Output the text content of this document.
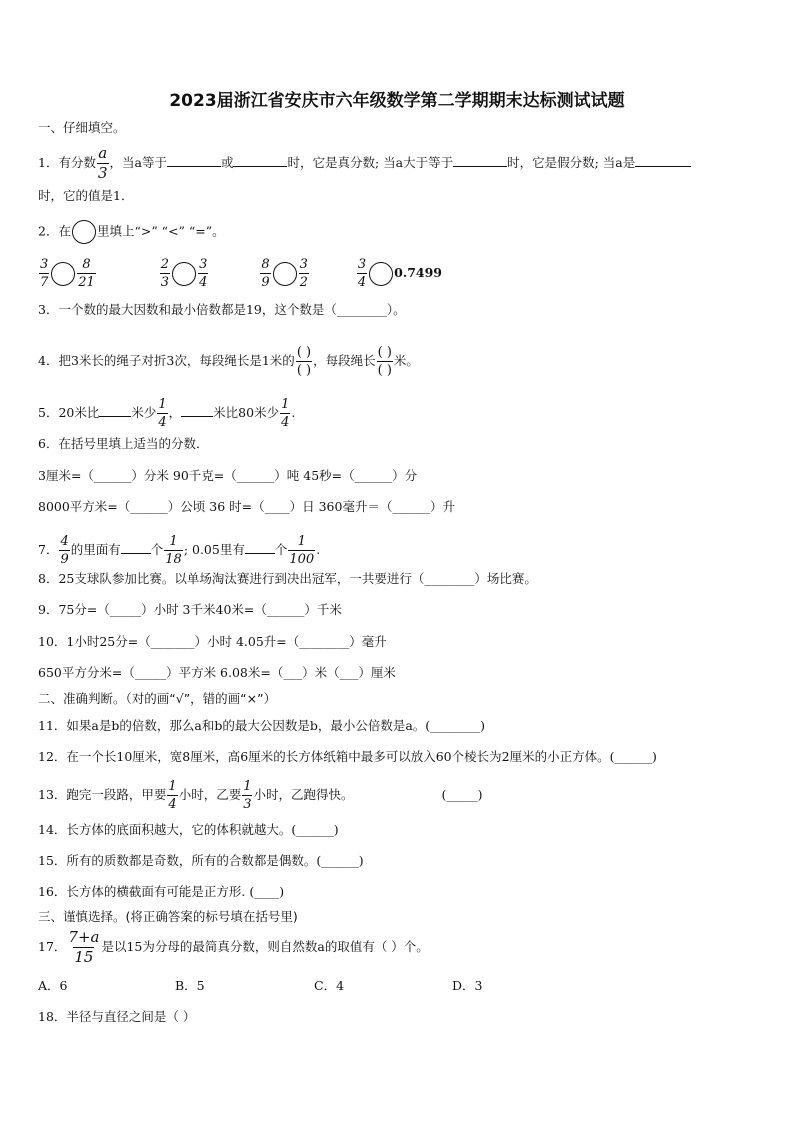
2023届浙江省安庆市六年级数学第二学期期末达标测试试题
一、仔细填空。
1．有分数 $\frac{a}{3}$ ，当a等于	或	时，它是真分数; 当a大于等于	时，它是假分数; 当a是
时，它的值是1．
2．在 里填上“>” “<” “=”。
$\frac{3}{7} \frac{8}{21}$
	$\frac{2}{3} \frac{3}{4}$
	$\frac{8}{9} \frac{3}{2}$
	$\frac{3}{4} 0.7499$
3．一个数的最大因数和最小倍数都是19，这个数是（________）。
4．把3米长的绳子对折3次，每段绳长是1米的 $\frac{( )}{( )}$ ，每段绳长 $\frac{( )}{( )}$ 米。
5．20米比	米少 $\frac{1}{4}$ ，	米比80米少 $\frac{1}{4}$ .
6．在括号里填上适当的分数．
3厘米=（______）分米 90千克=（______）吨 45秒=（______）分
8000平方米=（______）公顷 36 时=（____）日 360毫升＝（______）升
7． $\frac{4}{9}$ 的里面有 个 $\frac{1}{18}$ ; 0.05里有 个 $\frac{1}{100}$ .
8．25支球队参加比赛。以单场淘汰赛进行到决出冠军，一共要进行（________）场比赛。
9．75分=（_____）小时 3千米40米=（______）千米
10．1小时25分=（_______）小时 4.05升=（________）毫升
650平方分米=（_____）平方米 6.08米=（___）米（___）厘米
二、准确判断。（对的画“√”，错的画“×”）
11．如果a是b的倍数，那么a和b的最大公因数是b，最小公倍数是a。(________)
12．在一个长10厘米，宽8厘米，高6厘米的长方体纸箱中最多可以放入60个棱长为2厘米的小正方体。(______)
13．跑完一段路，甲要 $\frac{1}{4}$ 小时，乙要 $\frac{1}{3}$ 小时，乙跑得快。	(_____)
14．长方体的底面积越大，它的体积就越大。(______)
15．所有的质数都是奇数，所有的合数都是偶数。(______)
16．长方体的横截面有可能是正方形. (____)
三、谨慎选择。(将正确答案的标号填在括号里)
17． $\frac{7+a}{15}$ 是以15为分母的最简真分数，则自然数a的取值有（ ）个。
A．6	B．5	C．4	D．3
18．半径与直径之间是（ ）
